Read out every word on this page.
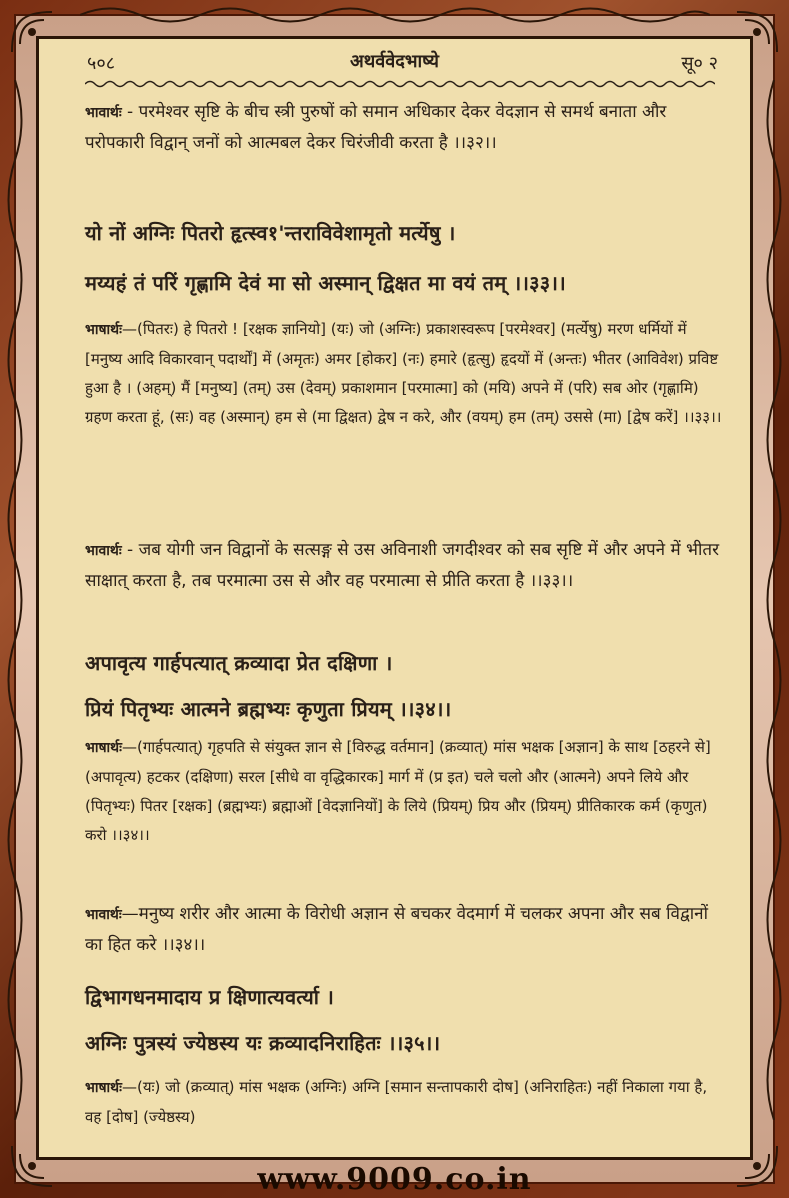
५०८	अथर्ववेदभाष्ये	सू० २

भावार्थः - परमेश्वर सृष्टि के बीच स्त्री पुरुषों को समान अधिकार देकर वेदज्ञान से समर्थ बनाता और परोपकारी विद्वान् जनों को आत्मबल देकर चिरंजीवी करता है ।।३२।।

यो नों अग्निः पितरो हृत्स्व१'न्तराविवेशामृतो मर्त्येषु ।
मय्यहं तं परिं गृह्णामि देवं मा सो अस्मान् द्विक्षत मा वयं तम् ।।३३।।

भाषार्थः—(पितरः) हे पितरो ! [रक्षक ज्ञानियो] (यः) जो (अग्निः) प्रकाशस्वरूप [परमेश्वर] (मर्त्येषु) मरण धर्मियों में [मनुष्य आदि विकारवान् पदार्थों] में (अमृतः) अमर [होकर] (नः) हमारे (हृत्सु) हृदयों में (अन्तः) भीतर (आविवेश) प्रविष्ट हुआ है । (अहम्) मैं [मनुष्य] (तम्) उस (देवम्) प्रकाशमान [परमात्मा] को (मयि) अपने में (परि) सब ओर (गृह्णामि) ग्रहण करता हूं, (सः) वह (अस्मान्) हम से (मा द्विक्षत) द्वेष न करे, और (वयम्) हम (तम्) उससे (मा) [द्वेष करें] ।।३३।।

भावार्थः - जब योगी जन विद्वानों के सत्सङ्ग से उस अविनाशी जगदीश्वर को सब सृष्टि में और अपने में भीतर साक्षात् करता है, तब परमात्मा उस से और वह परमात्मा से प्रीति करता है ।।३३।।

अपावृत्य गार्हपत्यात् क्रव्यादा प्रेत दक्षिणा ।
प्रियं पितृभ्यः आत्मने ब्रह्मभ्यः कृणुता प्रियम् ।।३४।।

भाषार्थः—(गार्हपत्यात्) गृहपति से संयुक्त ज्ञान से [विरुद्ध वर्तमान] (क्रव्यात्) मांस भक्षक [अज्ञान] के साथ [ठहरने से] (अपावृत्य) हटकर (दक्षिणा) सरल [सीधे वा वृद्धिकारक] मार्ग में (प्र इत) चले चलो और (आत्मने) अपने लिये और (पितृभ्यः) पितर [रक्षक] (ब्रह्मभ्यः) ब्रह्माओं [वेदज्ञानियों] के लिये (प्रियम्) प्रिय और (प्रियम्) प्रीतिकारक कर्म (कृणुत) करो ।।३४।।

भावार्थः—मनुष्य शरीर और आत्मा के विरोधी अज्ञान से बचकर वेदमार्ग में चलकर अपना और सब विद्वानों का हित करे ।।३४।।

द्विभागधनमादाय प्र क्षिणात्यवर्त्या ।
अग्निः पुत्रस्यं ज्येष्ठस्य यः क्रव्यादनिराहितः ।।३५।।

भाषार्थः—(यः) जो (क्रव्यात्) मांस भक्षक (अग्निः) अग्नि [समान सन्तापकारी दोष] (अनिराहितः) नहीं निकाला गया है, वह [दोष] (ज्येष्ठस्य)

www.9009.co.in
